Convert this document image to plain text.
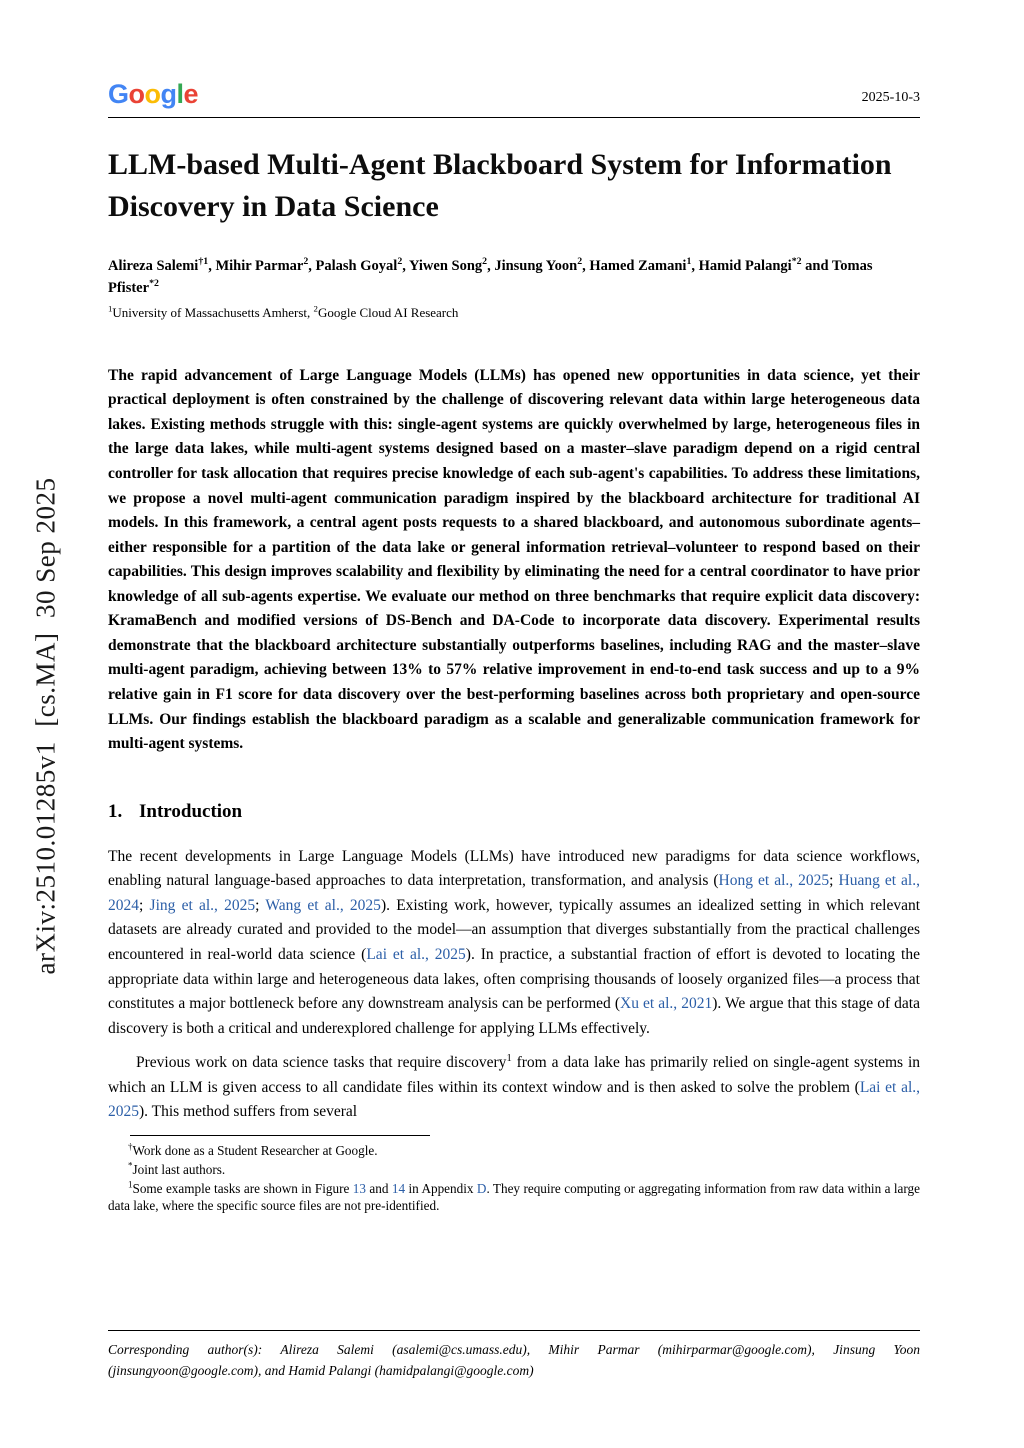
arXiv:2510.01285v1  [cs.MA]  30 Sep 2025
Google	2025-10-3
LLM-based Multi-Agent Blackboard System for Information Discovery in Data Science

Alireza Salemi$^{\dagger 1}$, Mihir Parmar$^2$, Palash Goyal$^2$, Yiwen Song$^2$, Jinsung Yoon$^2$, Hamed Zamani$^1$, Hamid Palangi$^{*2}$ and Tomas Pfister$^{*2}$

$^1$University of Massachusetts Amherst, $^2$Google Cloud AI Research

The rapid advancement of Large Language Models (LLMs) has opened new opportunities in data science, yet their practical deployment is often constrained by the challenge of discovering relevant data within large heterogeneous data lakes. Existing methods struggle with this: single-agent systems are quickly overwhelmed by large, heterogeneous files in the large data lakes, while multi-agent systems designed based on a master–slave paradigm depend on a rigid central controller for task allocation that requires precise knowledge of each sub-agent's capabilities. To address these limitations, we propose a novel multi-agent communication paradigm inspired by the blackboard architecture for traditional AI models. In this framework, a central agent posts requests to a shared blackboard, and autonomous subordinate agents–either responsible for a partition of the data lake or general information retrieval–volunteer to respond based on their capabilities. This design improves scalability and flexibility by eliminating the need for a central coordinator to have prior knowledge of all sub-agents expertise. We evaluate our method on three benchmarks that require explicit data discovery: KramaBench and modified versions of DS-Bench and DA-Code to incorporate data discovery. Experimental results demonstrate that the blackboard architecture substantially outperforms baselines, including RAG and the master–slave multi-agent paradigm, achieving between 13% to 57% relative improvement in end-to-end task success and up to a 9% relative gain in F1 score for data discovery over the best-performing baselines across both proprietary and open-source LLMs. Our findings establish the blackboard paradigm as a scalable and generalizable communication framework for multi-agent systems.

1. Introduction

The recent developments in Large Language Models (LLMs) have introduced new paradigms for data science workflows, enabling natural language-based approaches to data interpretation, transformation, and analysis (Hong et al., 2025; Huang et al., 2024; Jing et al., 2025; Wang et al., 2025). Existing work, however, typically assumes an idealized setting in which relevant datasets are already curated and provided to the model—an assumption that diverges substantially from the practical challenges encountered in real-world data science (Lai et al., 2025). In practice, a substantial fraction of effort is devoted to locating the appropriate data within large and heterogeneous data lakes, often comprising thousands of loosely organized files—a process that constitutes a major bottleneck before any downstream analysis can be performed (Xu et al., 2021). We argue that this stage of data discovery is both a critical and underexplored challenge for applying LLMs effectively.

Previous work on data science tasks that require discovery$^1$ from a data lake has primarily relied on single-agent systems in which an LLM is given access to all candidate files within its context window and is then asked to solve the problem (Lai et al., 2025). This method suffers from several

†Work done as a Student Researcher at Google.

*Joint last authors.

$^1$Some example tasks are shown in Figure 13 and 14 in Appendix D. They require computing or aggregating information from raw data within a large data lake, where the specific source files are not pre-identified.

Corresponding author(s): Alireza Salemi (asalemi@cs.umass.edu), Mihir Parmar (mihirparmar@google.com), Jinsung Yoon (jinsungyoon@google.com), and Hamid Palangi (hamidpalangi@google.com)
